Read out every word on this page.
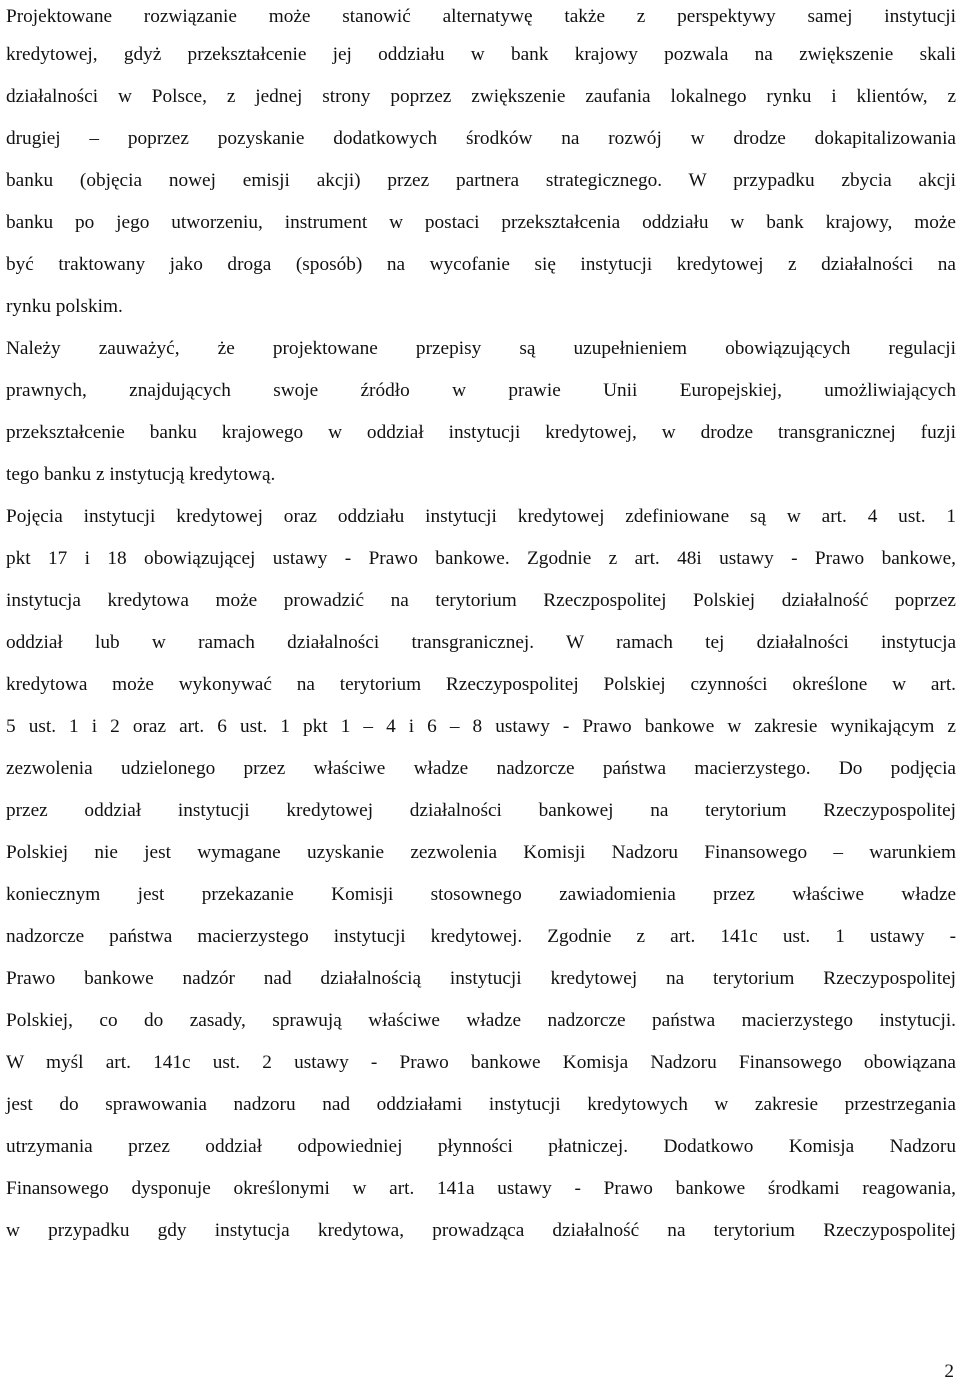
Projektowane rozwiązanie może stanowić alternatywę także z perspektywy samej instytucji
kredytowej, gdyż przekształcenie jej oddziału w bank krajowy pozwala na zwiększenie skali
działalności w Polsce, z jednej strony poprzez zwiększenie zaufania lokalnego rynku i klientów, z
drugiej – poprzez pozyskanie dodatkowych środków na rozwój w drodze dokapitalizowania
banku (objęcia nowej emisji akcji) przez partnera strategicznego. W przypadku zbycia akcji
banku po jego utworzeniu, instrument w postaci przekształcenia oddziału w bank krajowy, może
być traktowany jako droga (sposób) na wycofanie się instytucji kredytowej z działalności na
rynku polskim.
Należy zauważyć, że projektowane przepisy są uzupełnieniem obowiązujących regulacji
prawnych, znajdujących swoje źródło w prawie Unii Europejskiej, umożliwiających
przekształcenie banku krajowego w oddział instytucji kredytowej, w drodze transgranicznej fuzji
tego banku z instytucją kredytową.
Pojęcia instytucji kredytowej oraz oddziału instytucji kredytowej zdefiniowane są w art. 4 ust. 1
pkt 17 i 18 obowiązującej ustawy - Prawo bankowe. Zgodnie z art. 48i ustawy - Prawo bankowe,
instytucja kredytowa może prowadzić na terytorium Rzeczpospolitej Polskiej działalność poprzez
oddział lub w ramach działalności transgranicznej. W ramach tej działalności instytucja
kredytowa może wykonywać na terytorium Rzeczypospolitej Polskiej czynności określone w art.
5 ust. 1 i 2 oraz art. 6 ust. 1 pkt 1 – 4 i 6 – 8 ustawy - Prawo bankowe w zakresie wynikającym z
zezwolenia udzielonego przez właściwe władze nadzorcze państwa macierzystego. Do podjęcia
przez oddział instytucji kredytowej działalności bankowej na terytorium Rzeczypospolitej
Polskiej nie jest wymagane uzyskanie zezwolenia Komisji Nadzoru Finansowego – warunkiem
koniecznym jest przekazanie Komisji stosownego zawiadomienia przez właściwe władze
nadzorcze państwa macierzystego instytucji kredytowej. Zgodnie z art. 141c ust. 1 ustawy -
Prawo bankowe nadzór nad działalnością instytucji kredytowej na terytorium Rzeczypospolitej
Polskiej, co do zasady, sprawują właściwe władze nadzorcze państwa macierzystego instytucji.
W myśl art. 141c ust. 2 ustawy - Prawo bankowe Komisja Nadzoru Finansowego obowiązana
jest do sprawowania nadzoru nad oddziałami instytucji kredytowych w zakresie przestrzegania
utrzymania przez oddział odpowiedniej płynności płatniczej. Dodatkowo Komisja Nadzoru
Finansowego dysponuje określonymi w art. 141a ustawy - Prawo bankowe środkami reagowania,
w przypadku gdy instytucja kredytowa, prowadząca działalność na terytorium Rzeczypospolitej
2
